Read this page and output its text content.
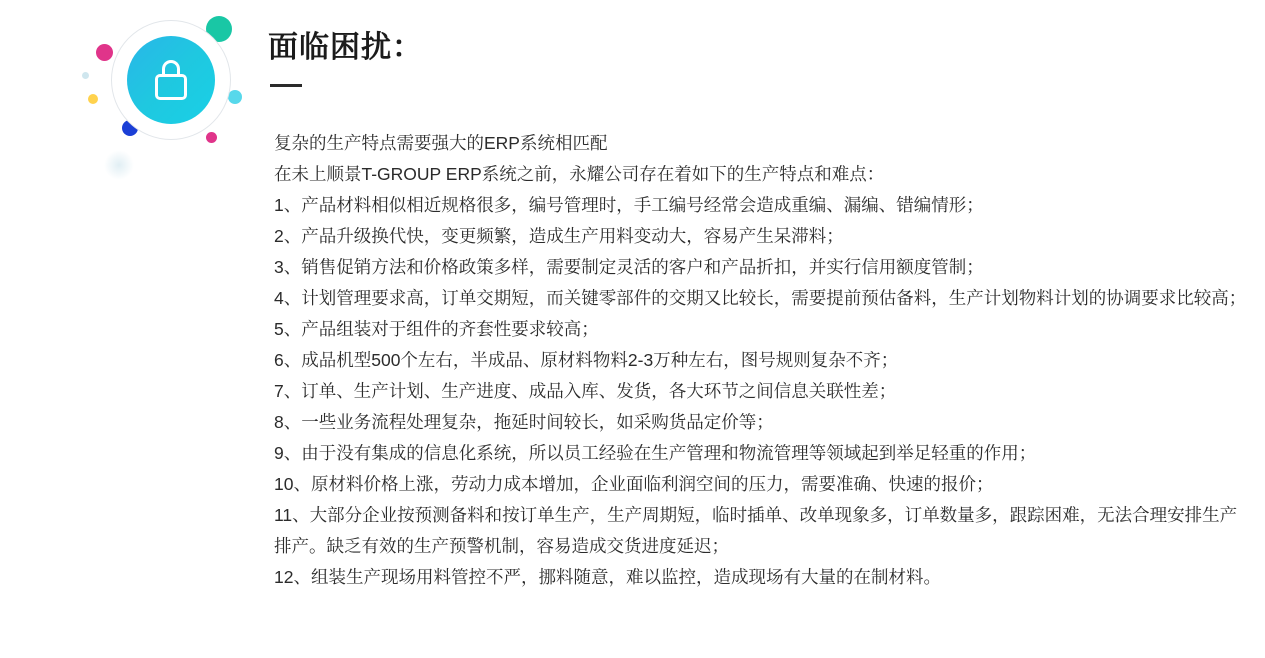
面临困扰：

复杂的生产特点需要强大的ERP系统相匹配

在未上顺景T-GROUP ERP系统之前，永耀公司存在着如下的生产特点和难点：

1、产品材料相似相近规格很多，编号管理时，手工编号经常会造成重编、漏编、错编情形；

2、产品升级换代快，变更频繁，造成生产用料变动大，容易产生呆滞料；

3、销售促销方法和价格政策多样，需要制定灵活的客户和产品折扣，并实行信用额度管制；

4、计划管理要求高，订单交期短，而关键零部件的交期又比较长，需要提前预估备料，生产计划物料计划的协调要求比较高；

5、产品组装对于组件的齐套性要求较高；

6、成品机型500个左右，半成品、原材料物料2-3万种左右，图号规则复杂不齐；

7、订单、生产计划、生产进度、成品入库、发货，各大环节之间信息关联性差；

8、一些业务流程处理复杂，拖延时间较长，如采购货品定价等；

9、由于没有集成的信息化系统，所以员工经验在生产管理和物流管理等领域起到举足轻重的作用；

10、原材料价格上涨，劳动力成本增加，企业面临利润空间的压力，需要准确、快速的报价；

11、大部分企业按预测备料和按订单生产，生产周期短，临时插单、改单现象多，订单数量多，跟踪困难，无法合理安排生产排产。缺乏有效的生产预警机制，容易造成交货进度延迟；

12、组装生产现场用料管控不严，挪料随意，难以监控，造成现场有大量的在制材料。
